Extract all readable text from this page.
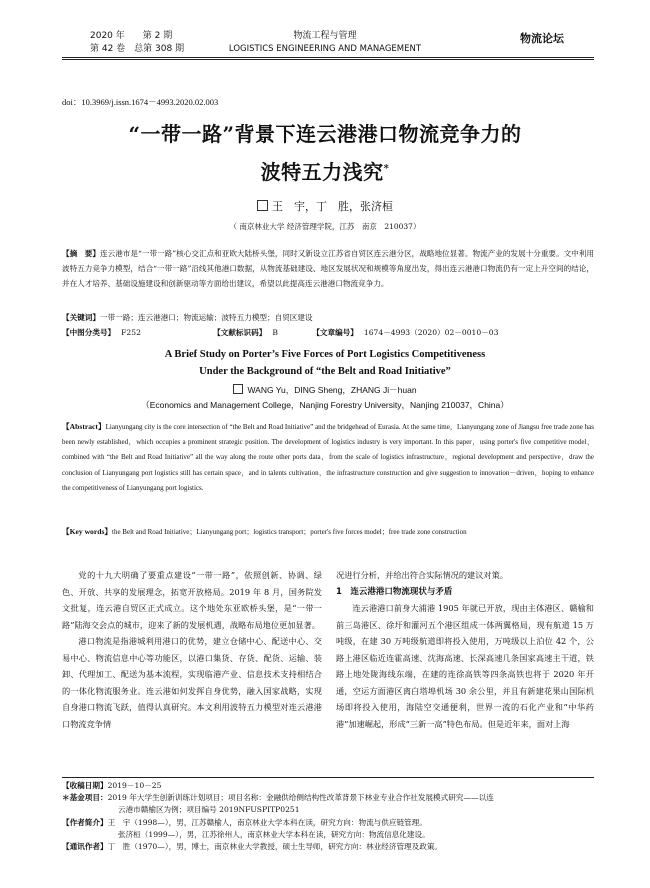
2020 年　　第 2 期
第 42 卷　总第 308 期
物流工程与管理
LOGISTICS ENGINEERING AND MANAGEMENT
物流论坛
doi：10.3969/j.issn.1674－4993.2020.02.003
“一带一路”背景下连云港港口物流竞争力的
波特五力浅究*
王　宇，丁　胜，张济桓
（ 南京林业大学 经济管理学院，江苏　南京　210037）
【摘　要】连云港市是“一带一路”核心交汇点和亚欧大陆桥头堡，同时又新设立江苏省自贸区连云港分区，战略地位显著。物流产业的发展十分重要。文中利用波特五力竞争力模型，结合“一带一路”沿线其他港口数据，从物流基础建设、地区发展状况和规模等角度出发，得出连云港港口物流仍有一定上升空间的结论，并在人才培养、基础设施建设和创新驱动等方面给出建议，希望以此提高连云港港口物流竞争力。
【关键词】一带一路；连云港港口；物流运输；波特五力模型；自贸区建设
【中图分类号】 F252	【文献标识码】 B	【文章编号】 1674－4993（2020）02－0010－03
A Brief Study on Porter’s Five Forces of Port Logistics Competitiveness
Under the Background of “the Belt and Road Initiative”
WANG Yu，DING Sheng，ZHANG Ji－huan
（Economics and Management College，Nanjing Forestry University，Nanjing 210037，China）
【Abstract】Lianyungang city is the core intersection of “the Belt and Road Initiative” and the bridgehead of Eurasia. At the same time，Lianyungang zone of Jiangsu free trade zone has been newly established，which occupies a prominent strategic position. The development of logistics industry is very important. In this paper，using porter's five competitive model，combined with “the Belt and Road Initiative” all the way along the route other ports data，from the scale of logistics infrastructure，regional development and perspective，draw the conclusion of Lianyungang port logistics still has certain space，and in talents cultivation，the infrastructure construction and give suggestion to innovation－driven，hoping to enhance the competitiveness of Lianyungang port logistics.
【Key words】the Belt and Road Initiative；Lianyungang port；logistics transport；porter's five forces model；free trade zone construction

党的十九大明确了要重点建设“一带一路”，依照创新、协调、绿色、开放、共享的发展理念，拓宽开放格局。2019 年 8 月，国务院发文批复，连云港自贸区正式成立。这个地处东亚欧桥头堡，是“一带一路”陆海交会点的城市，迎来了新的发展机遇，战略布局地位更加显著。

港口物流是指港城利用港口的优势，建立仓储中心、配送中心、交易中心、物流信息中心等功能区，以港口集货、存货、配货、运输、装卸、代理加工、配送为基本流程，实现临港产业、信息技术支持相结合的一体化物流服务业。连云港如何发挥自身优势，融入国家战略，实现自身港口物流飞跃，值得认真研究。本文利用波特五力模型对连云港港口物流竞争情

况进行分析，并给出符合实际情况的建议对策。
1　连云港港口物流现状与矛盾

连云港港口前身大浦港 1905 年就已开放，现由主体港区、赣榆和前三岛港区、徐圩和灌河五个港区组成一体两翼格局，现有航道 15 万吨级，在建 30 万吨级航道即将投入使用，万吨级以上泊位 42 个，公路上港区临近连霍高速、沈海高速、长深高速几条国家高速主干道，铁路上地处陇海线东端，在建的连徐高铁等四条高铁也将于 2020 年开通，空运方面港区离白塔埠机场 30 余公里，并且有新建花果山国际机场即将投入使用，海陆空交通便利，世界一流的石化产业和“中华药港”加速崛起，形成“三新一高”特色布局。但是近年来，面对上海

【收稿日期】2019－10－25
＊基金项目：2019 年大学生创新训练计划项目；项目名称：金融供给侧结构性改革背景下林业专业合作社发展模式研究——以连
云港市赣榆区为例；项目编号 2019NFUSPITP0251
【作者简介】王　宇（1998—），男，江苏赣榆人，南京林业大学本科在读，研究方向：物流与供应链管理。
张济桓（1999—），男，江苏徐州人，南京林业大学本科在读，研究方向：物流信息化建设。
【通讯作者】丁　胜（1970—），男，博士，南京林业大学教授，硕士生导师，研究方向：林业经济管理及政策。
